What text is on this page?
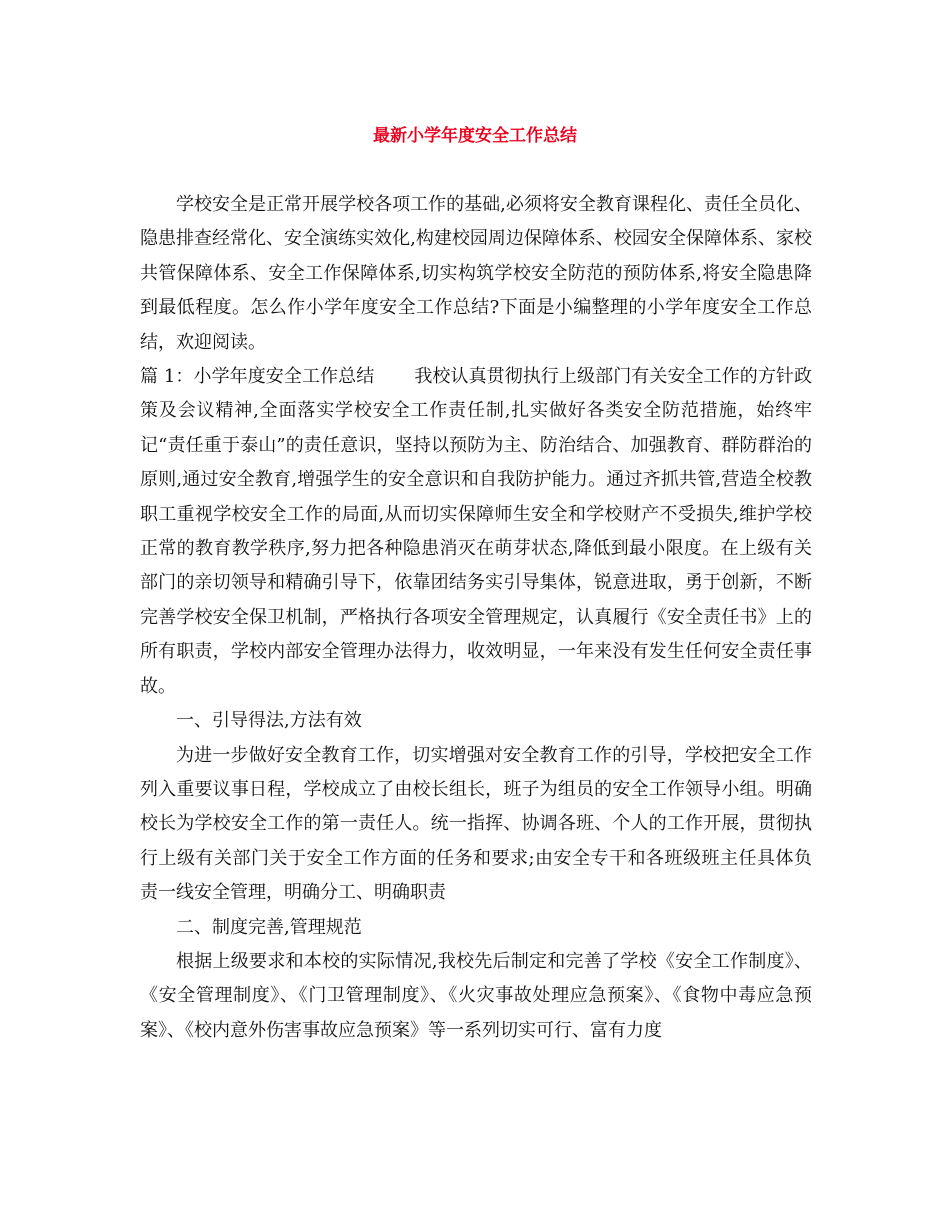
最新小学年度安全工作总结

学校安全是正常开展学校各项工作的基础,必须将安全教育课程化、责任全员化、隐患排查经常化、安全演练实效化,构建校园周边保障体系、校园安全保障体系、家校共管保障体系、安全工作保障体系,切实构筑学校安全防范的预防体系,将安全隐患降到最低程度。怎么作小学年度安全工作总结?下面是小编整理的小学年度安全工作总结，欢迎阅读。

篇 1：小学年度安全工作总结 我校认真贯彻执行上级部门有关安全工作的方针政策及会议精神,全面落实学校安全工作责任制,扎实做好各类安全防范措施，始终牢记“责任重于泰山”的责任意识，坚持以预防为主、防治结合、加强教育、群防群治的原则,通过安全教育,增强学生的安全意识和自我防护能力。通过齐抓共管,营造全校教职工重视学校安全工作的局面,从而切实保障师生安全和学校财产不受损失,维护学校正常的教育教学秩序,努力把各种隐患消灭在萌芽状态,降低到最小限度。在上级有关部门的亲切领导和精确引导下，依靠团结务实引导集体，锐意进取，勇于创新，不断完善学校安全保卫机制，严格执行各项安全管理规定，认真履行《安全责任书》上的所有职责，学校内部安全管理办法得力，收效明显，一年来没有发生任何安全责任事故。

一、引导得法,方法有效

为进一步做好安全教育工作，切实增强对安全教育工作的引导，学校把安全工作列入重要议事日程，学校成立了由校长组长，班子为组员的安全工作领导小组。明确校长为学校安全工作的第一责任人。统一指挥、协调各班、个人的工作开展，贯彻执行上级有关部门关于安全工作方面的任务和要求;由安全专干和各班级班主任具体负责一线安全管理，明确分工、明确职责

二、制度完善,管理规范

根据上级要求和本校的实际情况,我校先后制定和完善了学校《安全工作制度》、《安全管理制度》、《门卫管理制度》、《火灾事故处理应急预案》、《食物中毒应急预案》、《校内意外伤害事故应急预案》等一系列切实可行、富有力度
